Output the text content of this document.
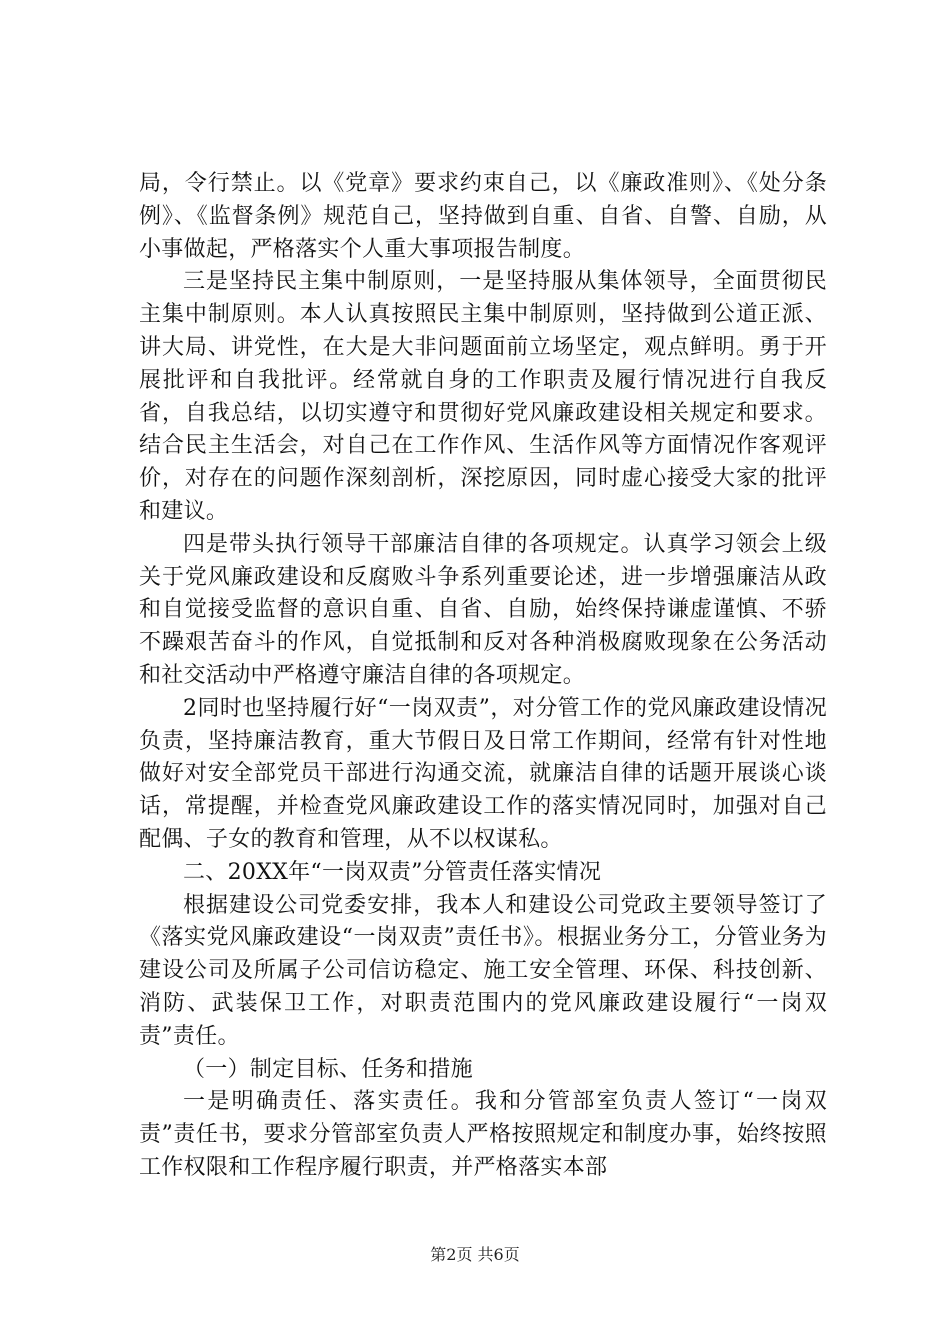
局，令行禁止。以《党章》要求约束自己，以《廉政准则》、《处分条例》、《监督条例》规范自己，坚持做到自重、自省、自警、自励，从小事做起，严格落实个人重大事项报告制度。

三是坚持民主集中制原则，一是坚持服从集体领导，全面贯彻民主集中制原则。本人认真按照民主集中制原则，坚持做到公道正派、讲大局、讲党性，在大是大非问题面前立场坚定，观点鲜明。勇于开展批评和自我批评。经常就自身的工作职责及履行情况进行自我反省，自我总结，以切实遵守和贯彻好党风廉政建设相关规定和要求。结合民主生活会，对自己在工作作风、生活作风等方面情况作客观评价，对存在的问题作深刻剖析，深挖原因，同时虚心接受大家的批评和建议。

四是带头执行领导干部廉洁自律的各项规定。认真学习领会上级关于党风廉政建设和反腐败斗争系列重要论述，进一步增强廉洁从政和自觉接受监督的意识自重、自省、自励，始终保持谦虚谨慎、不骄不躁艰苦奋斗的作风，自觉抵制和反对各种消极腐败现象在公务活动和社交活动中严格遵守廉洁自律的各项规定。

2同时也坚持履行好“一岗双责”，对分管工作的党风廉政建设情况负责，坚持廉洁教育，重大节假日及日常工作期间，经常有针对性地做好对安全部党员干部进行沟通交流，就廉洁自律的话题开展谈心谈话，常提醒，并检查党风廉政建设工作的落实情况同时，加强对自己配偶、子女的教育和管理，从不以权谋私。

二、20XX年“一岗双责”分管责任落实情况

根据建设公司党委安排，我本人和建设公司党政主要领导签订了《落实党风廉政建设“一岗双责”责任书》。根据业务分工，分管业务为建设公司及所属子公司信访稳定、施工安全管理、环保、科技创新、消防、武装保卫工作，对职责范围内的党风廉政建设履行“一岗双责”责任。

（一）制定目标、任务和措施

一是明确责任、落实责任。我和分管部室负责人签订“一岗双责”责任书，要求分管部室负责人严格按照规定和制度办事，始终按照工作权限和工作程序履行职责，并严格落实本部

第2页 共6页
